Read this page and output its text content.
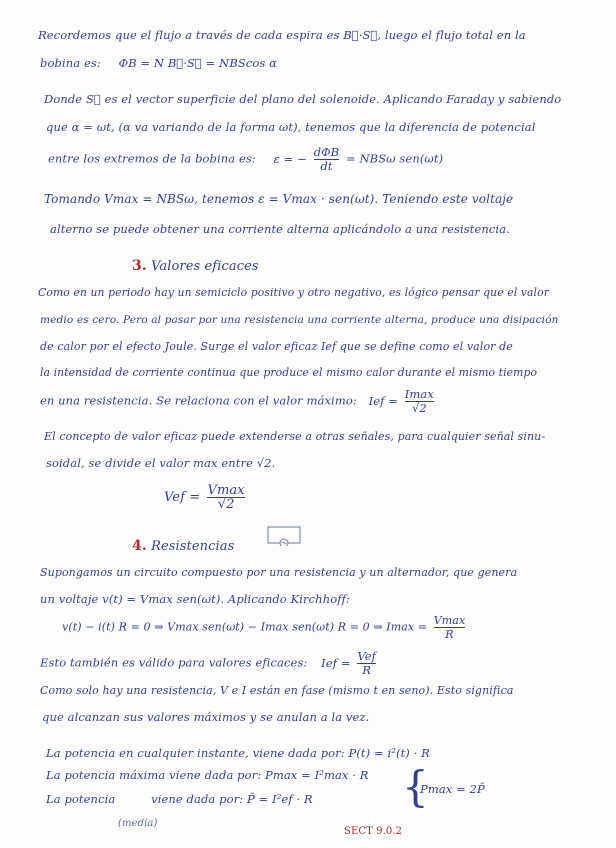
Recordemos que el flujo a través de cada espira es B⃗·S⃗, luego el flujo total en la
bobina es: ΦB = N B⃗·S⃗ = NBScos α
Donde S⃗ es el vector superficie del plano del solenoide. Aplicando Faraday y sabiendo
que α = ωt, (α va variando de la forma ωt), tenemos que la diferencia de potencial
entre los extremos de la bobina es: ε = − $\frac{\text{dΦB}}{dt} = NBS\omega$ sen(ωt)
Tomando Vmax = NBSω, tenemos ε = Vmax · sen(ωt). Teniendo este voltaje
alterno se puede obtener una corriente alterna aplicándolo a una resistencia.
3. Valores eficaces
Como en un periodo hay un semiciclo positivo y otro negativo, es lógico pensar que el valor
medio es cero. Pero al pasar por una resistencia una corriente alterna, produce una disipación
de calor por el efecto Joule. Surge el valor eficaz Ief que se define como el valor de
la intensidad de corriente continua que produce el mismo calor durante el mismo tiempo
en una resistencia. Se relaciona con el valor máximo: Ief = $\frac{Imax}{√2}$
El concepto de valor eficaz puede extenderse a otras señales, para cualquier señal sinu-
soidal, se divide el valor max entre √2.
Vef = $\frac{Vmax}{√2}$
4. Resistencias
Supongamos un circuito compuesto por una resistencia y un alternador, que genera
un voltaje v(t) = Vmax sen(ωt). Aplicando Kirchhoff:
v(t) − i(t) R = 0 ⇒ Vmax sen(ωt) − Imax sen(ωt) R = 0 ⇒ $Imax = \frac{Vmax}{R}$
Esto también es válido para valores eficaces: Ief = $\frac{\text{Vef}}{R}$
Como solo hay una resistencia, V e I están en fase (mismo t en seno). Esto significa
que alcanzan sus valores máximos y se anulan a la vez.
La potencia en cualquier instante, viene dada por: P(t) = i²(t) · R
La potencia máxima viene dada por: Pmax = I²max · R
La potencia	viene dada por: P̄ = I²ef · R {
Pmax = 2P̄
(media)
SECT 9.0.2
